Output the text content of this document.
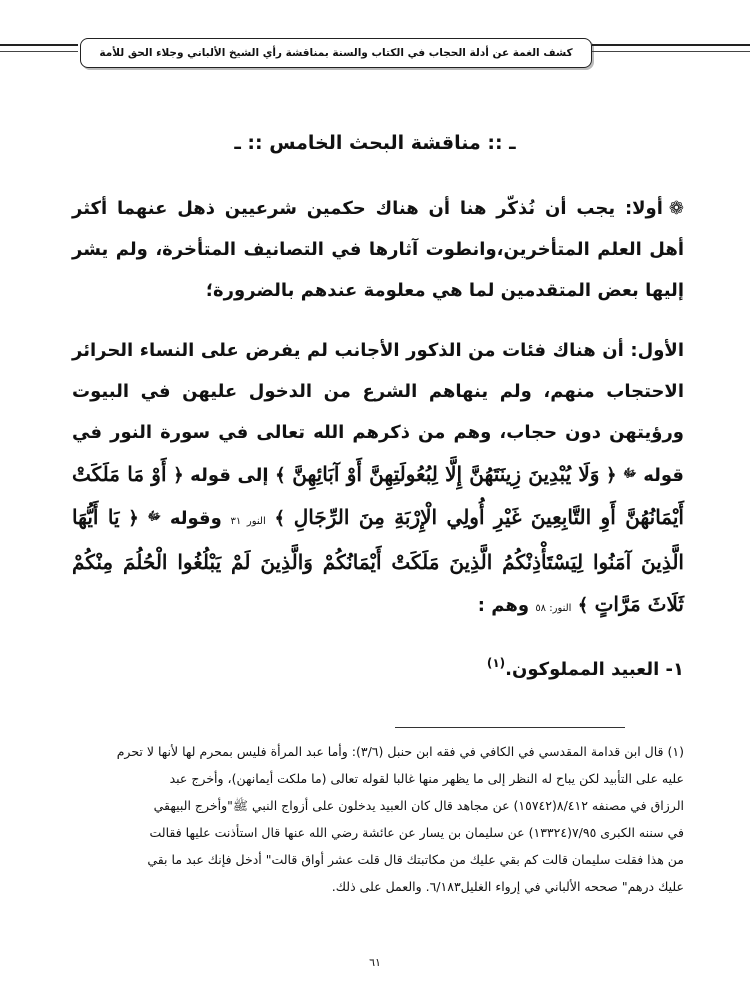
كشف الغمة عن أدلة الحجاب في الكتاب والسنة بمناقشة رأي الشيخ الألباني وجلاء الحق للأمة
ـ :: مناقشة البحث الخامس :: ـ
❁أولا: يجب أن نُذكّر هنا أن هناك حكمين شرعيين ذهل عنهما أكثر أهل العلم المتأخرين،وانطوت آثارها في التصانيف المتأخرة، ولم يشر إليها بعض المتقدمين لما هي معلومة عندهم بالضرورة؛
الأول: أن هناك فئات من الذكور الأجانب لم يفرض على النساء الحرائر الاحتجاب منهم، ولم ينهاهم الشرع من الدخول عليهن في البيوت ورؤيتهن دون حجاب، وهم من ذكرهم الله تعالى في سورة النور في قوله $^ﷻ$ ﴿ وَلَا يُبْدِينَ زِينَتَهُنَّ إِلَّا لِبُعُولَتِهِنَّ أَوْ آبَائِهِنَّ ﴾ إلى قوله ﴿ أَوْ مَا مَلَكَتْ أَيْمَانُهُنَّ أَوِ التَّابِعِينَ غَيْرِ أُولِي الْإِرْبَةِ مِنَ الرِّجَالِ ﴾ النور ٣١ وقوله $^ﷻ$ ﴿ يَا أَيُّهَا الَّذِينَ آمَنُوا لِيَسْتَأْذِنْكُمُ الَّذِينَ مَلَكَتْ أَيْمَانُكُمْ وَالَّذِينَ لَمْ يَبْلُغُوا الْحُلُمَ مِنْكُمْ ثَلَاثَ مَرَّاتٍ ﴾ النور: ٥٨ وهم :
١- العبيد المملوكون.$^{(١)}$

(١) قال ابن قدامة المقدسي في الكافي في فقه ابن حنبل (٣/٦): وأما عبد المرأة فليس بمحرم لها لأنها لا تحرم

عليه على التأبيد لكن يباح له النظر إلى ما يظهر منها غالبا لقوله تعالى (ما ملكت أيمانهن)، وأخرج عبد

الرزاق في مصنفه ٨/٤١٢(١٥٧٤٢) عن مجاهد قال كان العبيد يدخلون على أزواج النبي ﷺ"وأخرج البيهقي

في سننه الكبرى ٧/٩٥(١٣٣٢٤) عن سليمان بن يسار عن عائشة رضي الله عنها قال استأذنت عليها فقالت

من هذا فقلت سليمان قالت كم بقي عليك من مكاتبتك قال قلت عشر أواق قالت" أدخل فإنك عبد ما بقي

عليك درهم" صححه الألباني في إرواء الغليل٦/١٨٣. والعمل على ذلك.

٦١
